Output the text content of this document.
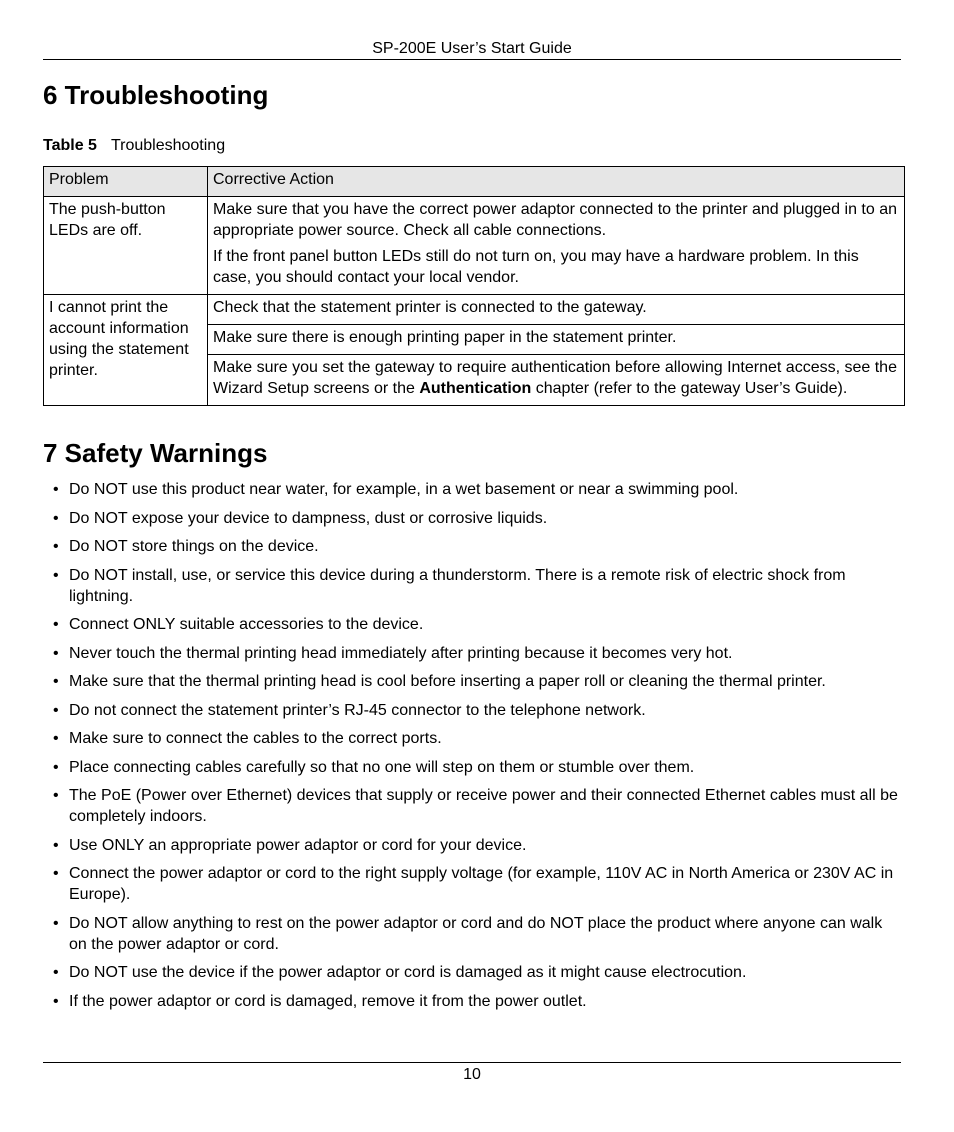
SP-200E User’s Start Guide
6 Troubleshooting
Table 5 Troubleshooting
Problem	Corrective Action
The push-button LEDs are off.	Make sure that you have the correct power adaptor connected to the printer and plugged in to an appropriate power source. Check all cable connections.

If the front panel button LEDs still do not turn on, you may have a hardware problem. In this case, you should contact your local vendor.

I cannot print the account information using the statement printer.	Check that the statement printer is connected to the gateway.
	Make sure there is enough printing paper in the statement printer.
	Make sure you set the gateway to require authentication before allowing Internet access, see the Wizard Setup screens or the Authentication chapter (refer to the gateway User’s Guide).
7 Safety Warnings
• Do NOT use this product near water, for example, in a wet basement or near a swimming pool.
• Do NOT expose your device to dampness, dust or corrosive liquids.
• Do NOT store things on the device.
• Do NOT install, use, or service this device during a thunderstorm. There is a remote risk of electric shock from lightning.
• Connect ONLY suitable accessories to the device.
• Never touch the thermal printing head immediately after printing because it becomes very hot.
• Make sure that the thermal printing head is cool before inserting a paper roll or cleaning the thermal printer.
• Do not connect the statement printer’s RJ-45 connector to the telephone network.
• Make sure to connect the cables to the correct ports.
• Place connecting cables carefully so that no one will step on them or stumble over them.
• The PoE (Power over Ethernet) devices that supply or receive power and their connected Ethernet cables must all be completely indoors.
• Use ONLY an appropriate power adaptor or cord for your device.
• Connect the power adaptor or cord to the right supply voltage (for example, 110V AC in North America or 230V AC in Europe).
• Do NOT allow anything to rest on the power adaptor or cord and do NOT place the product where anyone can walk on the power adaptor or cord.
• Do NOT use the device if the power adaptor or cord is damaged as it might cause electrocution.
• If the power adaptor or cord is damaged, remove it from the power outlet.
10
